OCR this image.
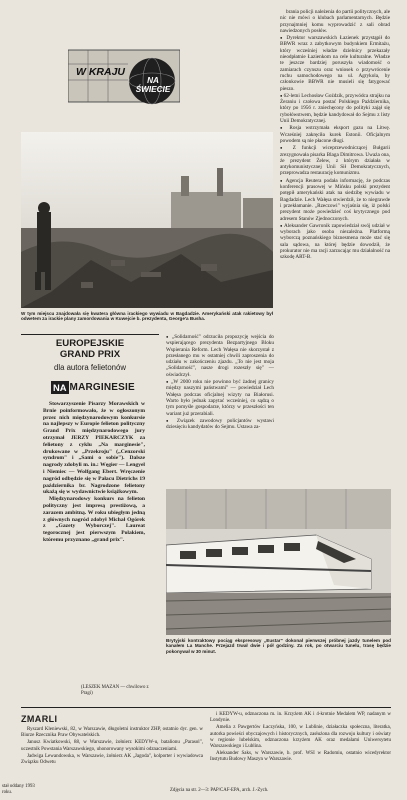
W KRAJU
NA ŚWIECIE
W tym miejscu znajdowała się kwatera główna irackiego wywiadu w Bagdadzie. Amerykański atak rakietowy był odwetem za irackie plany zamordowania w Kuwejcie b. prezydenta, George'a Busha.
EUROPEJSKIE
GRAND PRIX
dla autora felietonów
NA MARGINESIE

Stowarzyszenie Pisarzy Morawskich w Brnie poinformowało, że w ogłoszonym przez nich międzynarodowym konkursie na najlepszy w Europie felieton polityczny Grand Prix międzynarodowego jury otrzymał JERZY PIEKARCZYK za felietony z cyklu „Na marginesie", drukowane w „Przekroju" („Cenzorski syndrom" i „Sami o sobie"). Dalsze nagrody zdobyli m. in.: Węgier — Lengyel i Niemiec — Wolfgang Ebert. Wręczenie nagród odbędzie się w Pałacu Dietrichs 19 października br. Nagrodzone felietony ukażą się w wydawnictwie książkowym.

Międzynarodowy konkurs na felieton polityczny jest impresą prestiżową, a zarazem ambitną. W roku ubiegłym jedną z głównych nagród zdobył Michał Ogórek z „Gazety Wyborczej". Laureat tegorocznej jest pierwszym Polakiem, któremu przyznano „grand prix".

(LESZEK MAZAN — chwilowo z Pragi)

● „Solidarność" odrzuciła propozycję wejścia do wspierającego prezydenta Bezpartyjnego Bloku Wspierania Reform. Lech Wałęsa nie skorzystał z przesłanego mu w ostatniej chwili zaproszenia do udziału w zakończeniu zjazdu. „To nie jest moja „Solidarność", nasze drogi rozeszły się" — oświadczył.

● „W 2000 roku nie powinno być żadnej granicy między naszymi państwami" — powiedział Lech Wałęsa podczas oficjalnej wizyty na Białorusi. Warto było jednak zapytać wcześniej, co sądzą o tym pomyśle gospodarze, którzy w przeszłości ten wariant już przerabiali.

● Związek zawodowy policjantów wystawi dziesięciu kandydatów do Sejmu. Ustawa za-

brania policji należenia do partii politycznych, ale nic nie mówi o klubach parlamentarnych. Będzie przynajmniej komu wyprowadzić z sali obrad nawiedzonych posłów.

● Dyrektor warszawskich Łazienek przystąpił do BBWR wraz z zabytkowym budynkiem Ermitażu, który wcześniej władze dzielnicy przekazały nieodpłatnie Łazienkom na cele kulturalne. Władze te jeszcze bardziej poruszyła wiadomość o zamiarach czynszu oraz wniosek o przywrócenie ruchu samochodowego na ul. Agrykola, by członkowie BBWR nie musieli się fatygować pieszo.

● 62-letni Lechosław Goździk, przywódca strajku na Żeraniu i czołowa postać Polskiego Października, który po 1956 r. zniechęcony do polityki zajął się rybołówstwem, będzie kandydował do Sejmu z listy Unii Demokratycznej.

● Rosja wstrzymała eksport gazu na Litwę. Wcześniej zakręciła kurek Estonii. Oficjalnym powodem są nie płacone długi.

● Z funkcji wiceprzewodniczącej Bułgarii zrezygnowała pisarka Blaga Dimitrowa. Uważa ona, że prezydent Żelew, z którym działała w antykomunistycznej Unii Sił Demokratycznych, przeprowadza restaurację komunizmu.

● Agencja Reutera podała informację, że podczas konferencji prasowej w Mińsku polski prezydent potępił amerykański atak na siedzibę wywiadu w Bagdadzie. Lech Wałęsa stwierdził, że to niegrawde i przekłamanie. „Rzeczowi" wyjaśnia się, iż polski prezydent może powiedzieć coś krytycznego pod adresem Stanów Zjednoczonych.

● Aleksander Gawronik zapowiedział swój udział w wyborach jako osoba niezależna. Platformą wyborczą poznańskiego biznesmena może stać się sala sądowa, na której będzie dowodził, że prokurator nie ma racji zarzucając mu działalność na szkodę ART-B.

Brytyjski kontraktowy pociąg ekspresowy „Eustar" dokonał pierwszej próbnej jazdy tunelem pod kanałem La Manche. Przejazd trwał dwie i pół godziny. Za rok, po otwarciu tunelu, trasę będzie pokonywał w 30 minut.
ZMARLI

Ryszard Kleniewski, 82, w Warszawie, długoletni instruktor ZHP, ostatnio dyr. gen. w Biurze Rzecznika Praw Obywatelskich.

Janusz Kwiatkowski, 88, w Warszawie, żołnierz KEDYW-u, batalionu „Parasol", uczestnik Powstania Warszawskiego, uhonorowany wysokimi odznaczeniami.

Jadwiga Lewandowska, w Warszawie, żołnierz AK „Jagoda", kolporter i wywiadowca Związku Odwetu

i KEDYW-u, odznaczona m. in. Krzyżem AK i 4-krotnie Medalem WP, nadanym w Londynie.

Amelia z Pawgertów Łaczyńska, 100, w Lublinie, działaczka społeczna, literatka, autorka powieści obyczajowych i historycznych, zasłużona dla rozwoju kultury i oświaty w regionie lubelskim, odznaczona krzyżem AK oraz medalami Uniwersytetu Warszawskiego i Lublina.

Aleksander Saks, w Warszawie, b. prof. WSI w Radomiu, ostatnio wicedyrektor Instytutu Budowy Maszyn w Warszawie.

stał oddany 1993 roku.	Zdjęcia na str. 2—3: PAP/CAF-EPA, arch. J.-Zych.
